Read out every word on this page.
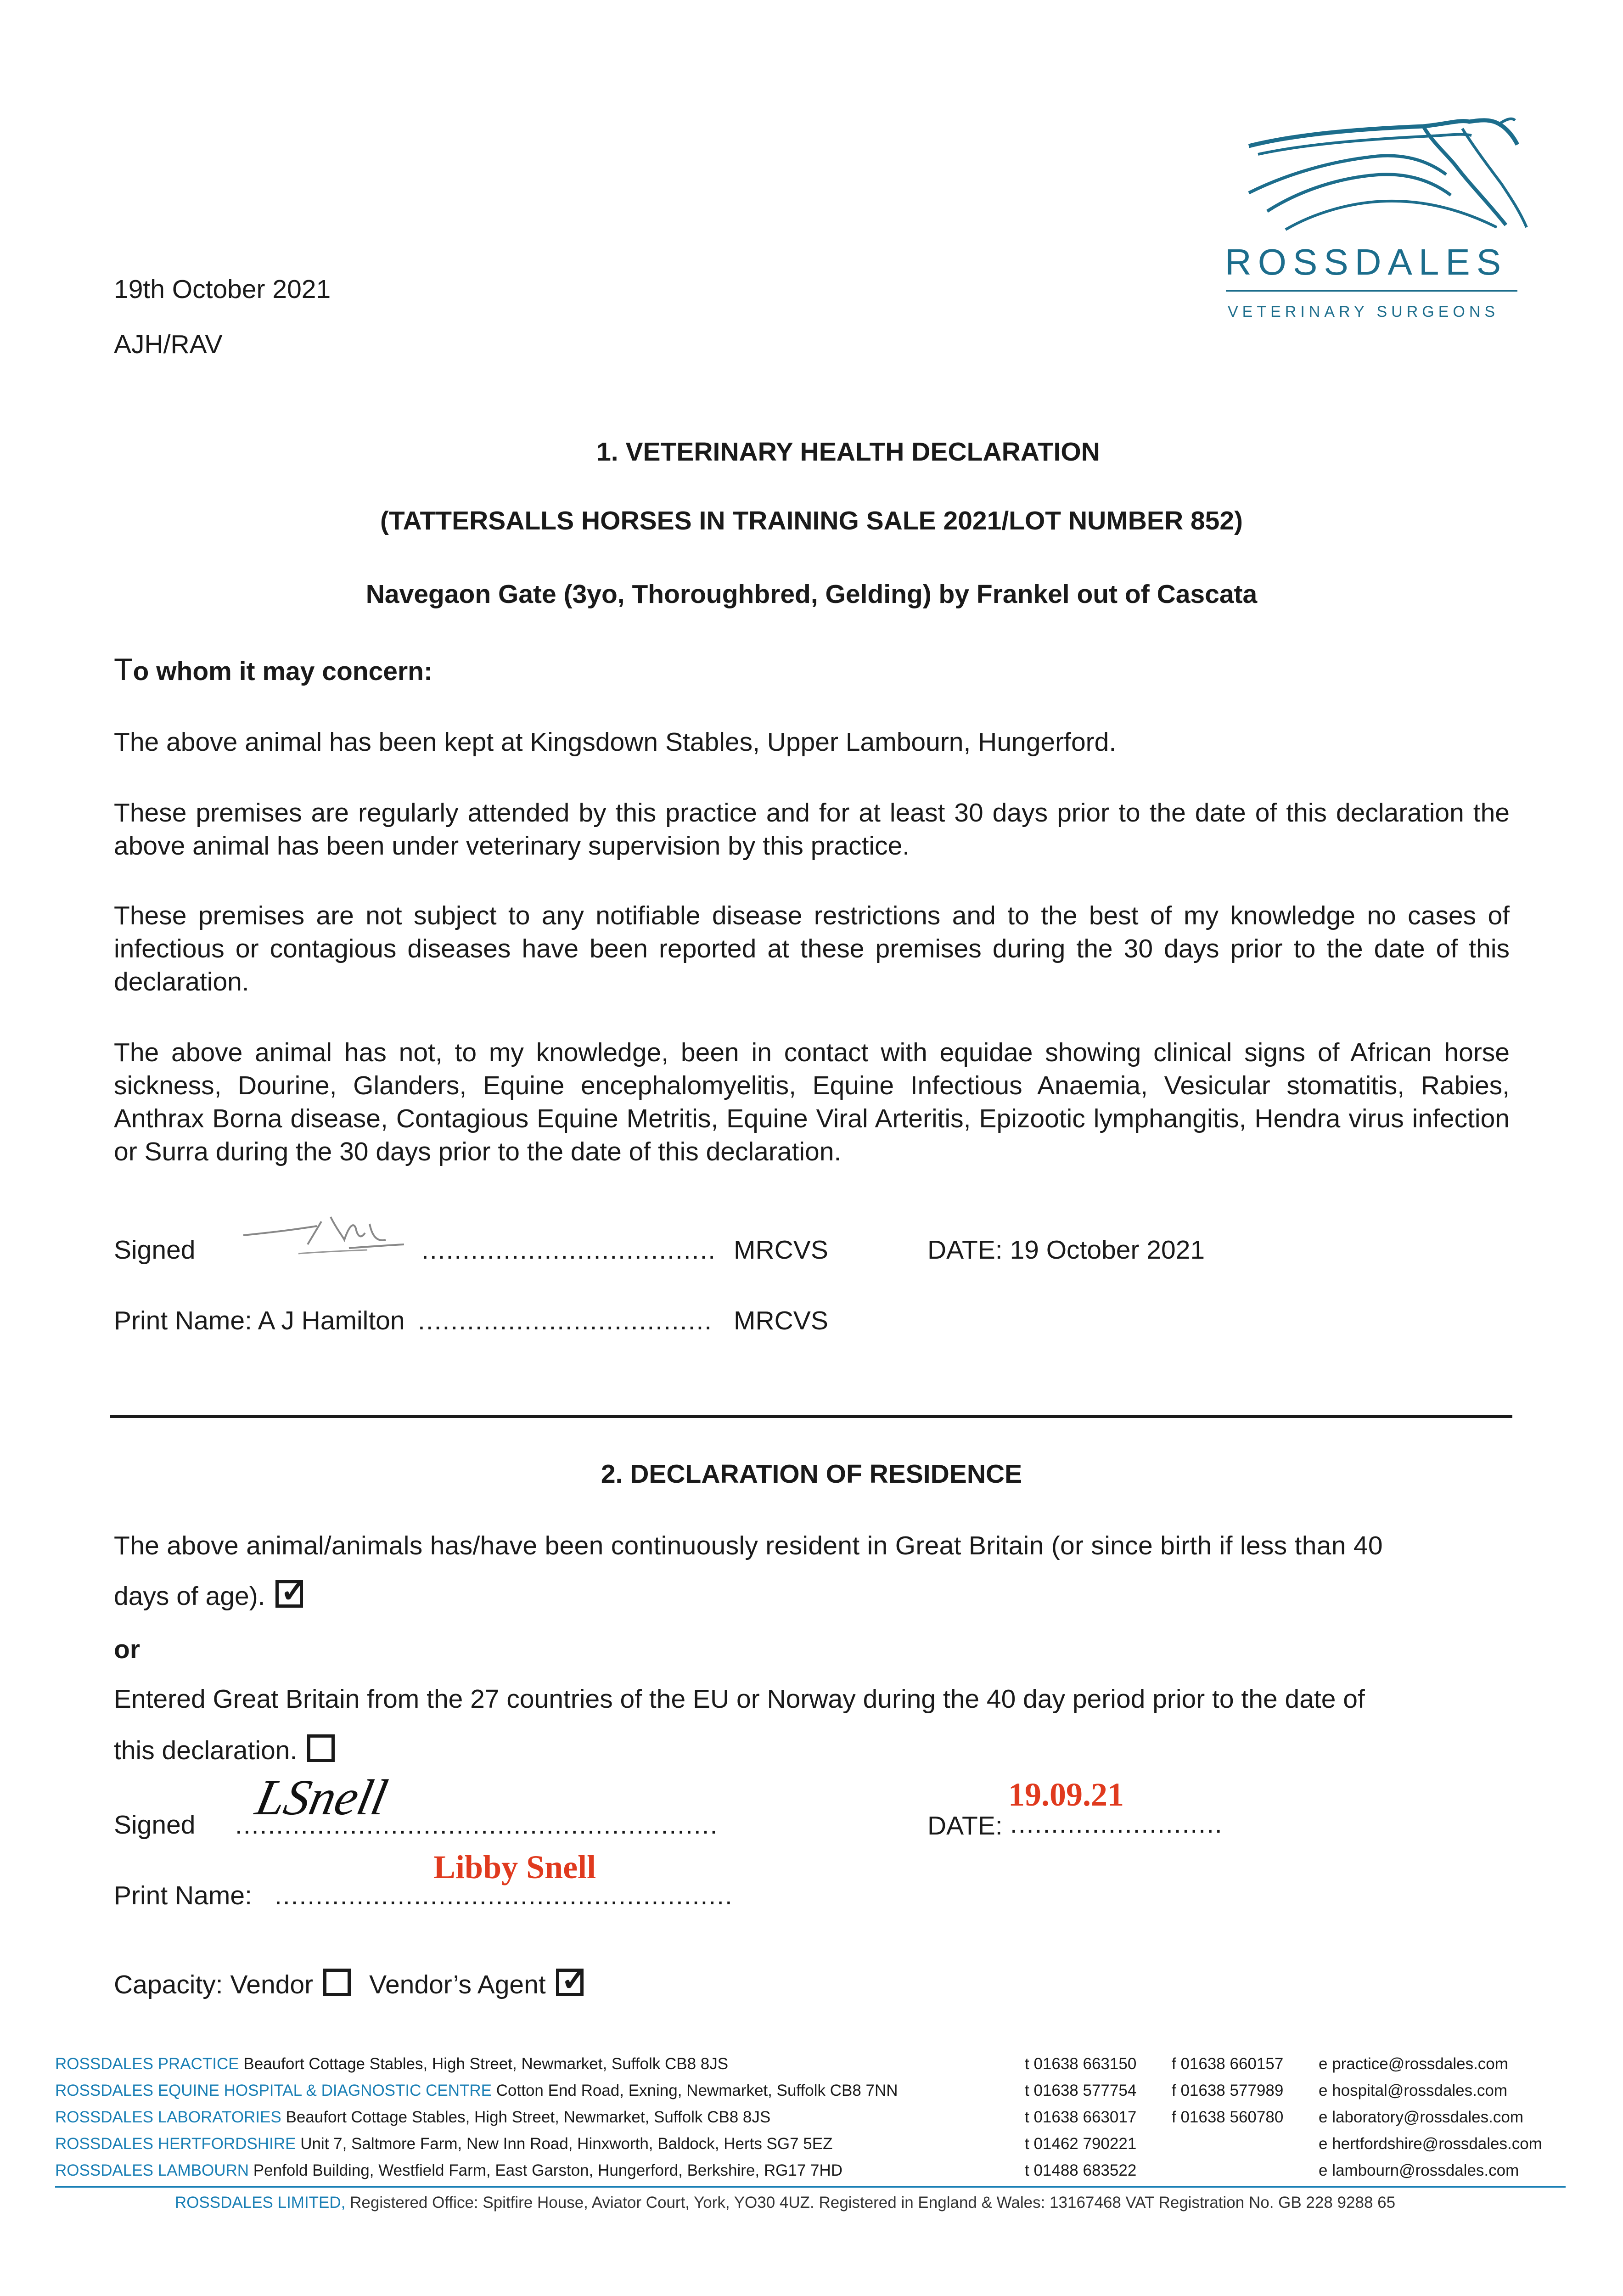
ROSSDALES
VETERINARY SURGEONS
19th October 2021
AJH/RAV
1. VETERINARY HEALTH DECLARATION
(TATTERSALLS HORSES IN TRAINING SALE 2021/LOT NUMBER 852)
Navegaon Gate (3yo, Thoroughbred, Gelding) by Frankel out of Cascata
To whom it may concern:
The above animal has been kept at Kingsdown Stables, Upper Lambourn, Hungerford.
These premises are regularly attended by this practice and for at least 30 days prior to the date of this declaration the above animal has been under veterinary supervision by this practice.
These premises are not subject to any notifiable disease restrictions and to the best of my knowledge no cases of infectious or contagious diseases have been reported at these premises during the 30 days prior to the date of this declaration.
The above animal has not, to my knowledge, been in contact with equidae showing clinical signs of African horse sickness, Dourine, Glanders, Equine encephalomyelitis, Equine Infectious Anaemia, Vesicular stomatitis, Rabies, Anthrax Borna disease, Contagious Equine Metritis, Equine Viral Arteritis, Epizootic lymphangitis, Hendra virus infection or Surra during the 30 days prior to the date of this declaration.
Signed	.................................... MRCVS	DATE: 19 October 2021
Print Name: A J Hamilton .................................... MRCVS
2. DECLARATION OF RESIDENCE
The above animal/animals has/have been continuously resident in Great Britain (or since birth if less than 40
days of age). ✓
or
Entered Great Britain from the 27 countries of the EU or Norway during the 40 day period prior to the date of
this declaration.
Signed LSnell
...........................................................	DATE: ..........................
19.09.21
Print Name: ........................................................
Libby Snell
Capacity: Vendor Vendor’s Agent ✓
ROSSDALES PRACTICE Beaufort Cottage Stables, High Street, Newmarket, Suffolk CB8 8JS	t 01638 663150 f 01638 660157 e practice@rossdales.com
ROSSDALES EQUINE HOSPITAL & DIAGNOSTIC CENTRE Cotton End Road, Exning, Newmarket, Suffolk CB8 7NN	t 01638 577754 f 01638 577989 e hospital@rossdales.com
ROSSDALES LABORATORIES Beaufort Cottage Stables, High Street, Newmarket, Suffolk CB8 8JS	t 01638 663017 f 01638 560780 e laboratory@rossdales.com
ROSSDALES HERTFORDSHIRE Unit 7, Saltmore Farm, New Inn Road, Hinxworth, Baldock, Herts SG7 5EZ	t 01462 790221	e hertfordshire@rossdales.com
ROSSDALES LAMBOURN Penfold Building, Westfield Farm, East Garston, Hungerford, Berkshire, RG17 7HD	t 01488 683522	e lambourn@rossdales.com
ROSSDALES LIMITED, Registered Office: Spitfire House, Aviator Court, York, YO30 4UZ. Registered in England & Wales: 13167468 VAT Registration No. GB 228 9288 65
